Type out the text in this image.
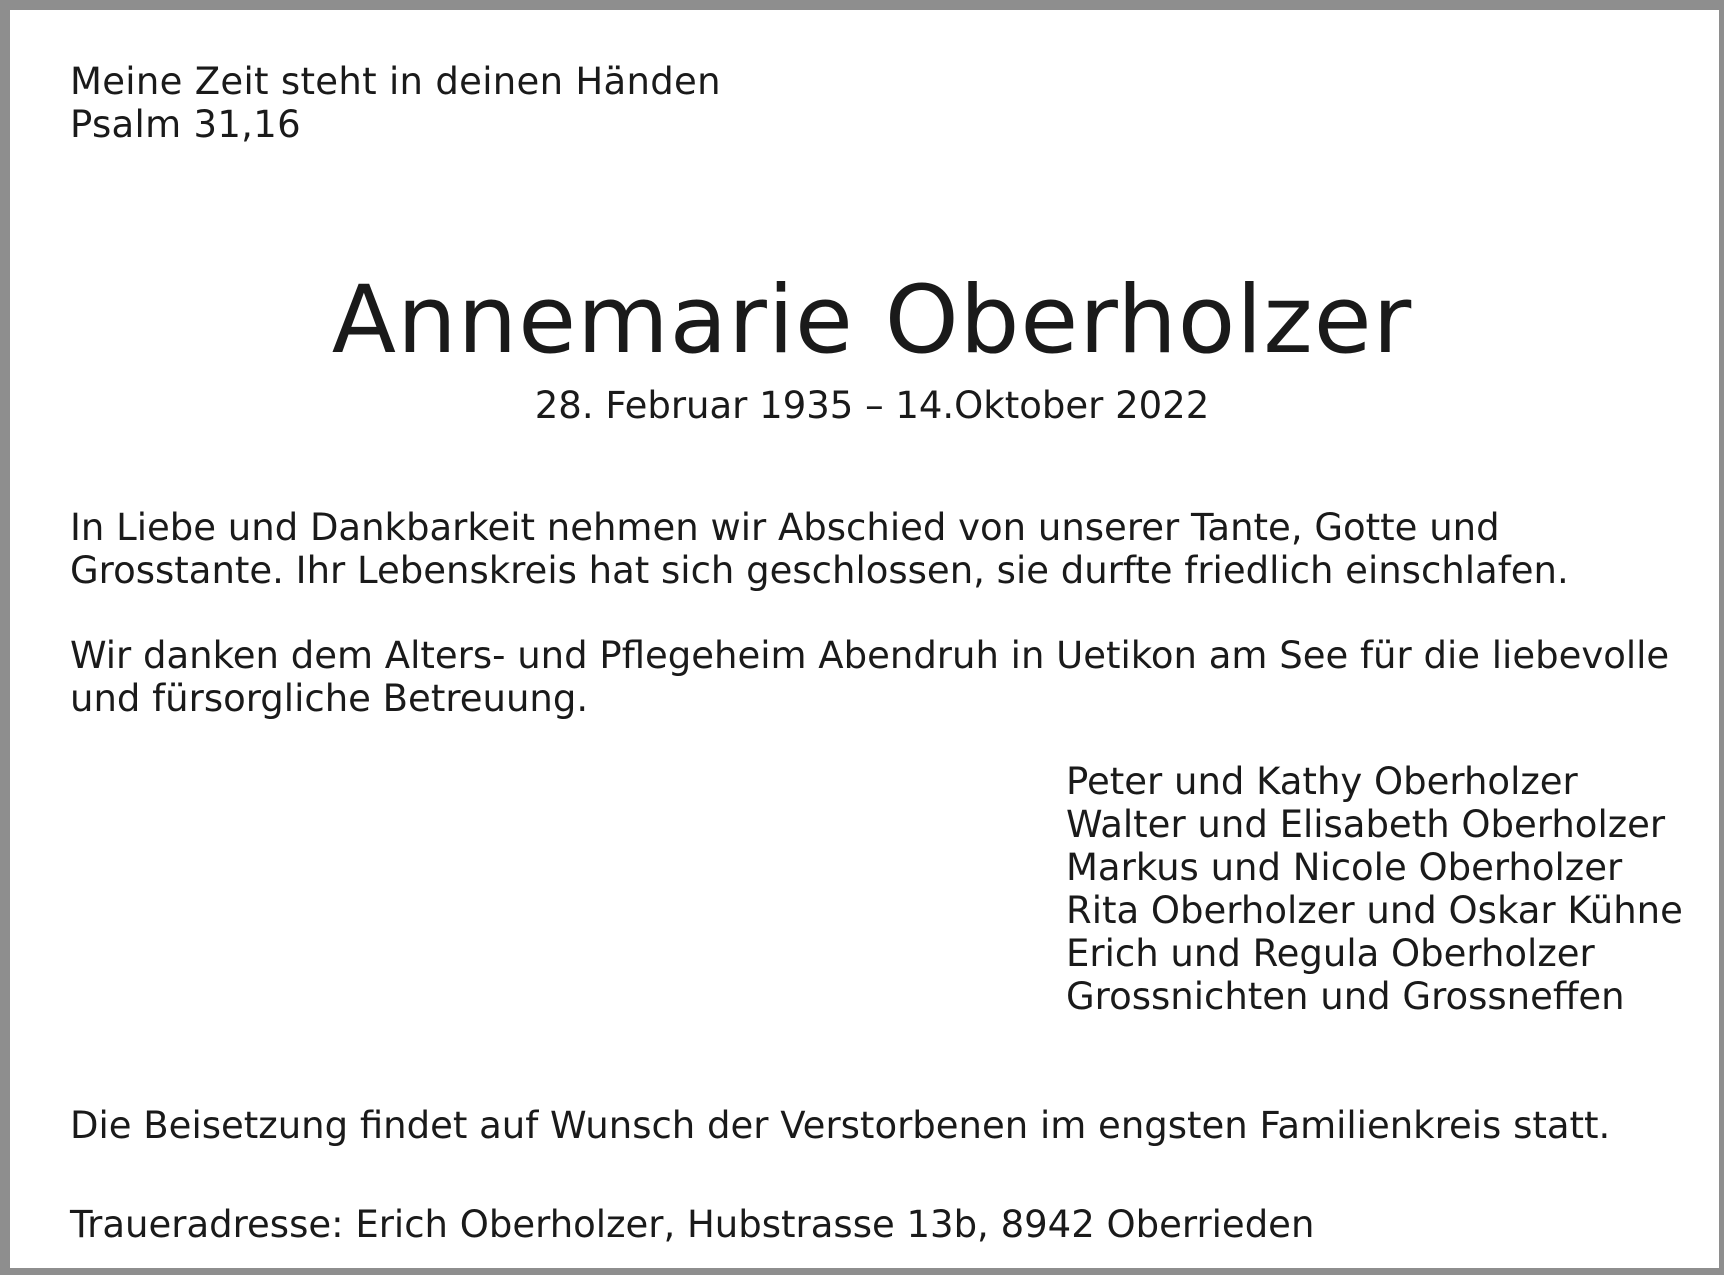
Meine Zeit steht in deinen Händen
Psalm 31,16
Annemarie Oberholzer
28. Februar 1935 – 14.Oktober 2022
In Liebe und Dankbarkeit nehmen wir Abschied von unserer Tante, Gotte und
Grosstante. Ihr Lebenskreis hat sich geschlossen, sie durfte friedlich einschlafen.
Wir danken dem Alters- und Pflegeheim Abendruh in Uetikon am See für die liebevolle
und fürsorgliche Betreuung.
Peter und Kathy Oberholzer
Walter und Elisabeth Oberholzer
Markus und Nicole Oberholzer
Rita Oberholzer und Oskar Kühne
Erich und Regula Oberholzer
Grossnichten und Grossneffen
Die Beisetzung findet auf Wunsch der Verstorbenen im engsten Familienkreis statt.
Traueradresse: Erich Oberholzer, Hubstrasse 13b, 8942 Oberrieden
